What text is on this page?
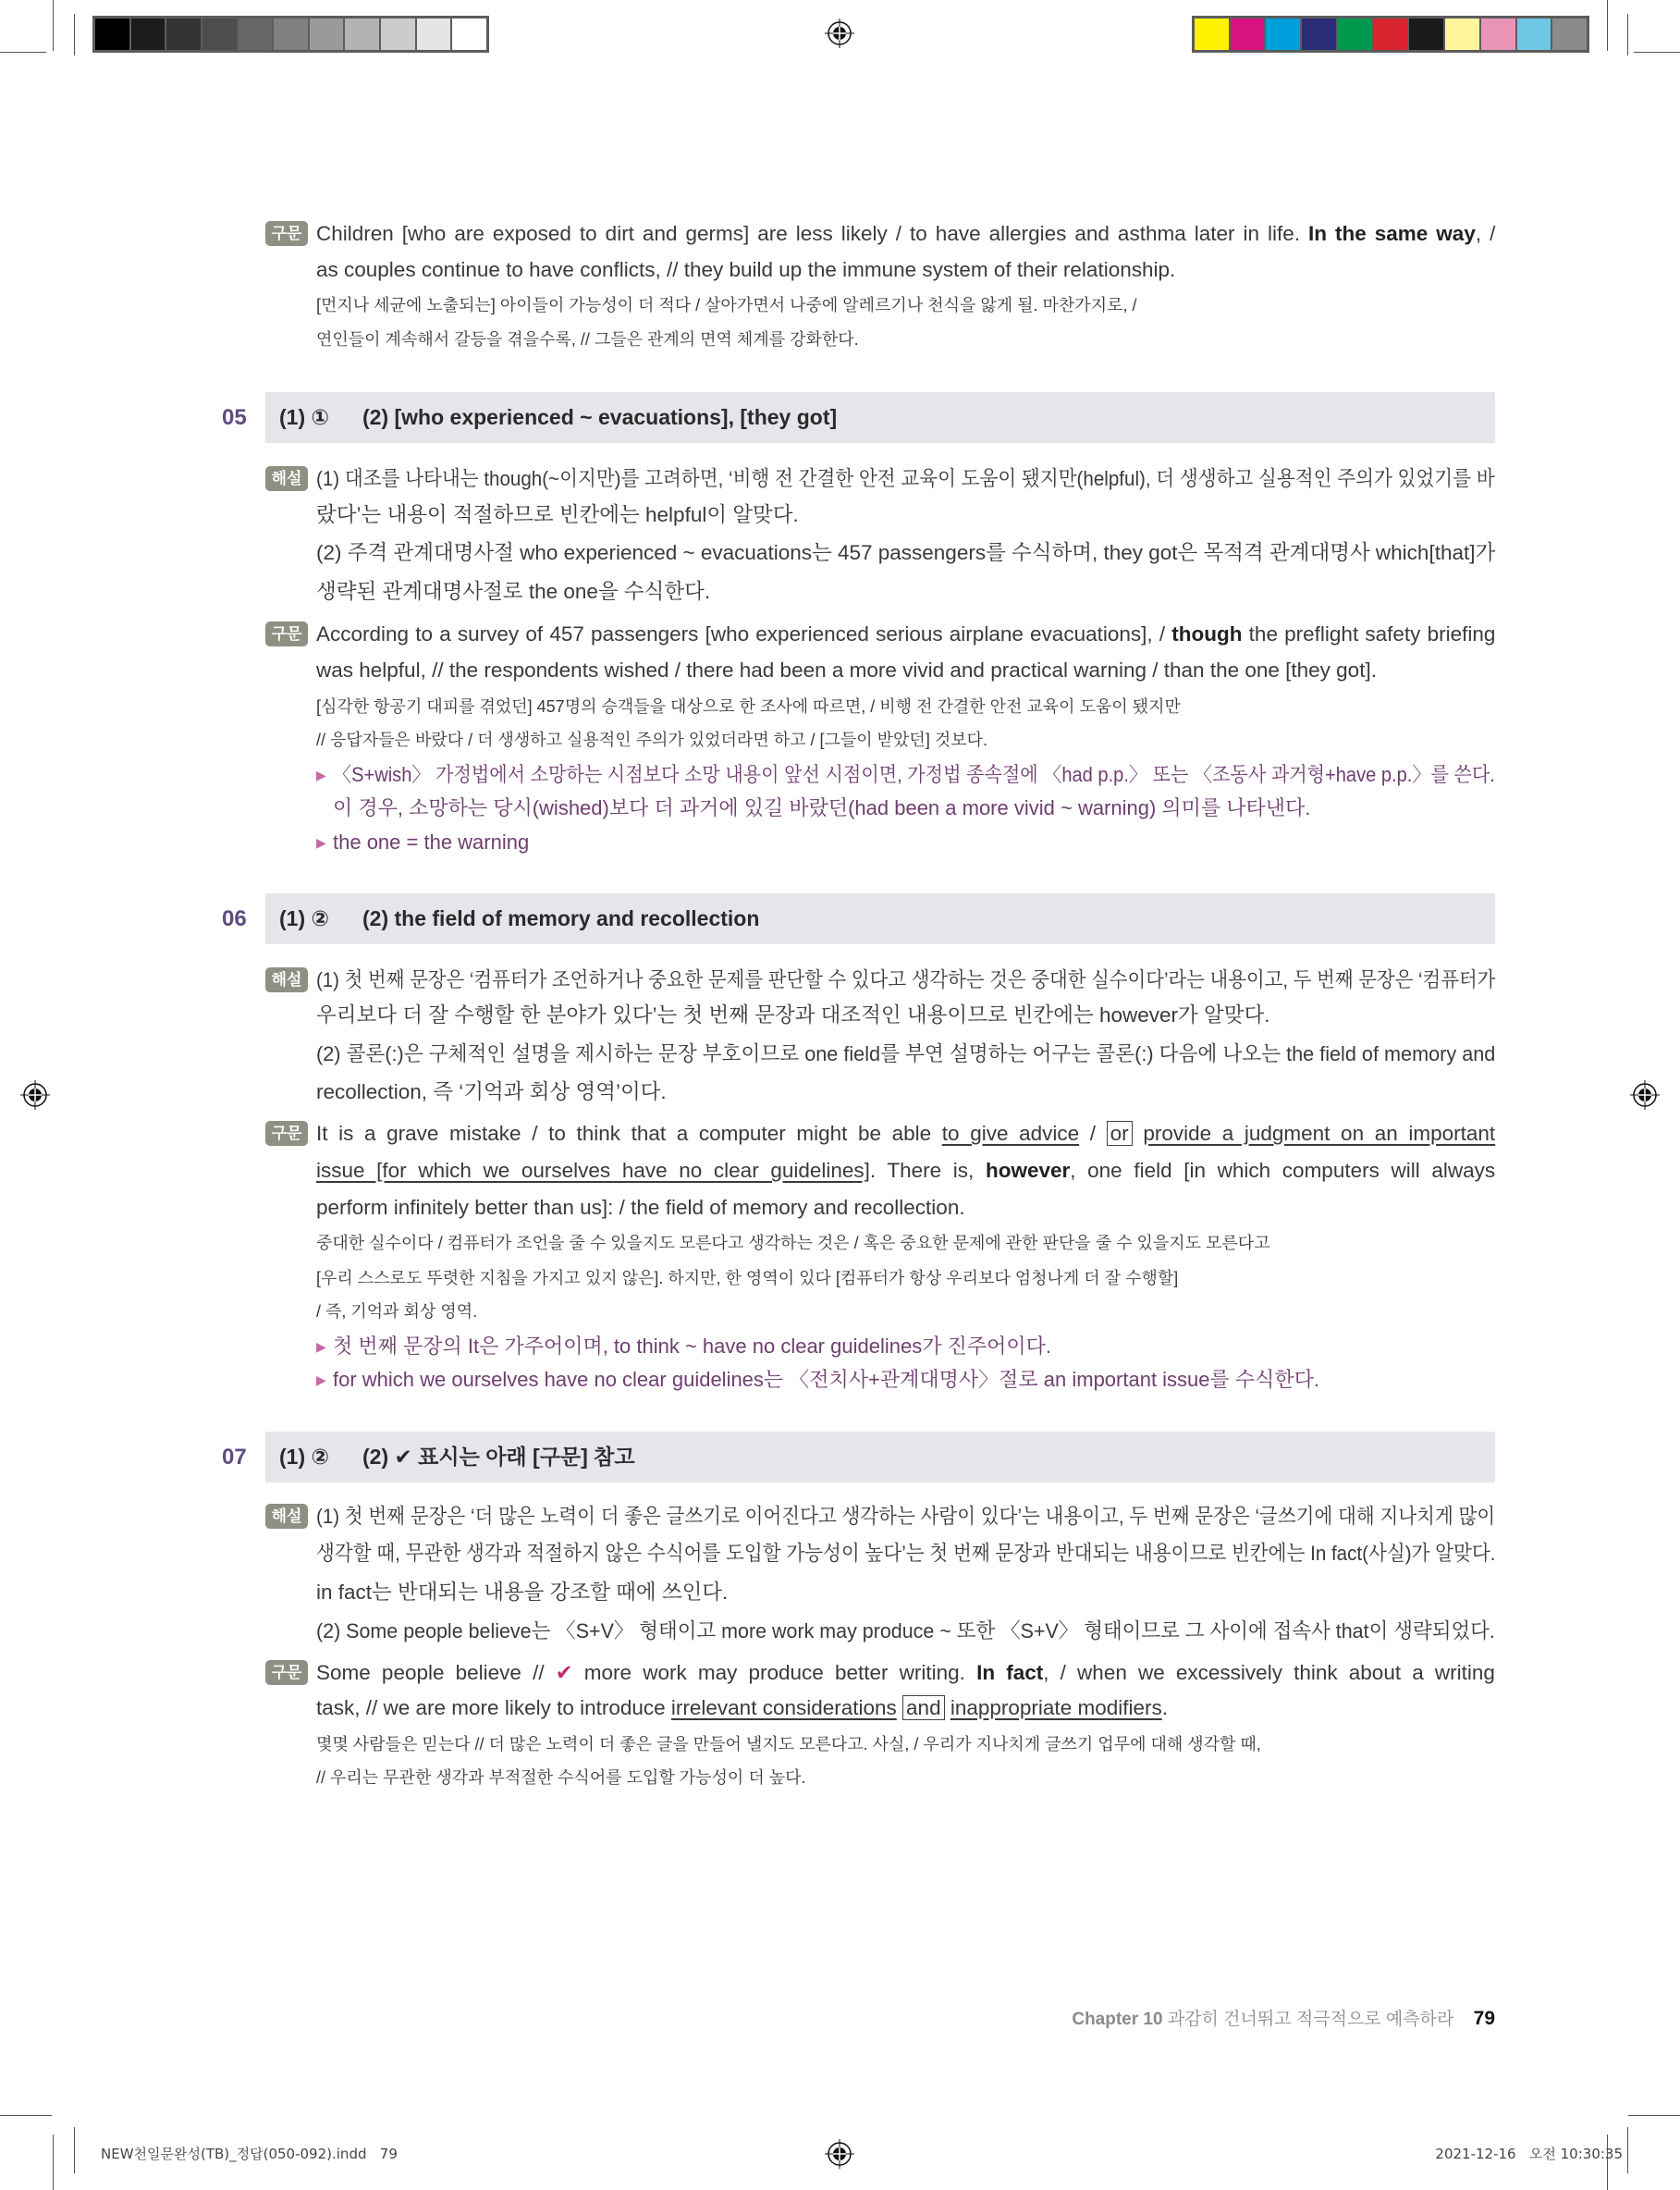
05 (1) ① (2) [who experienced ~ evacuations], [they got]
06 (1) ② (2) the field of memory and recollection
07 (1) ② (2) ✔ 표시는 아래 [구문] 참고
구문 Children [who are exposed to dirt and germs] are less likely / to have allergies and asthma later in life. In the same way, /
as couples continue to have conflicts, // they build up the immune system of their relationship.
[먼지나 세균에 노출되는] 아이들이 가능성이 더 적다 / 살아가면서 나중에 알레르기나 천식을 앓게 될. 마찬가지로, /
연인들이 계속해서 갈등을 겪을수록, // 그들은 관계의 면역 체계를 강화한다.
해설 (1) 대조를 나타내는 though(~이지만)를 고려하면, ‘비행 전 간결한 안전 교육이 도움이 됐지만(helpful), 더 생생하고 실용적인 주의가 있었기를 바
랐다’는 내용이 적절하므로 빈칸에는 helpful이 알맞다.
(2) 주격 관계대명사절 who experienced ~ evacuations는 457 passengers를 수식하며, they got은 목적격 관계대명사 which[that]가
생략된 관계대명사절로 the one을 수식한다.
구문 According to a survey of 457 passengers [who experienced serious airplane evacuations], / though the preflight safety briefing
was helpful, // the respondents wished / there had been a more vivid and practical warning / than the one [they got].
[심각한 항공기 대피를 겪었던] 457명의 승객들을 대상으로 한 조사에 따르면, / 비행 전 간결한 안전 교육이 도움이 됐지만
// 응답자들은 바랐다 / 더 생생하고 실용적인 주의가 있었더라면 하고 / [그들이 받았던] 것보다.
▶ 〈S+wish〉 가정법에서 소망하는 시점보다 소망 내용이 앞선 시점이면, 가정법 종속절에 〈had p.p.〉 또는 〈조동사 과거형+have p.p.〉를 쓴다.
이 경우, 소망하는 당시(wished)보다 더 과거에 있길 바랐던(had been a more vivid ~ warning) 의미를 나타낸다.
▶ the one = the warning
해설 (1) 첫 번째 문장은 ‘컴퓨터가 조언하거나 중요한 문제를 판단할 수 있다고 생각하는 것은 중대한 실수이다’라는 내용이고, 두 번째 문장은 ‘컴퓨터가
우리보다 더 잘 수행할 한 분야가 있다’는 첫 번째 문장과 대조적인 내용이므로 빈칸에는 however가 알맞다.
(2) 콜론(:)은 구체적인 설명을 제시하는 문장 부호이므로 one field를 부연 설명하는 어구는 콜론(:) 다음에 나오는 the field of memory and
recollection, 즉 ‘기억과 회상 영역’이다.
구문 It is a grave mistake / to think that a computer might be able to give advice / or provide a judgment on an important
issue [for which we ourselves have no clear guidelines]. There is, however, one field [in which computers will always
perform infinitely better than us]: / the field of memory and recollection.
중대한 실수이다 / 컴퓨터가 조언을 줄 수 있을지도 모른다고 생각하는 것은 / 혹은 중요한 문제에 관한 판단을 줄 수 있을지도 모른다고
[우리 스스로도 뚜렷한 지침을 가지고 있지 않은]. 하지만, 한 영역이 있다 [컴퓨터가 항상 우리보다 엄청나게 더 잘 수행할]
/ 즉, 기억과 회상 영역.
▶ 첫 번째 문장의 It은 가주어이며, to think ~ have no clear guidelines가 진주어이다.
▶ for which we ourselves have no clear guidelines는 〈전치사+관계대명사〉절로 an important issue를 수식한다.
해설 (1) 첫 번째 문장은 ‘더 많은 노력이 더 좋은 글쓰기로 이어진다고 생각하는 사람이 있다’는 내용이고, 두 번째 문장은 ‘글쓰기에 대해 지나치게 많이
생각할 때, 무관한 생각과 적절하지 않은 수식어를 도입할 가능성이 높다’는 첫 번째 문장과 반대되는 내용이므로 빈칸에는 In fact(사실)가 알맞다.
in fact는 반대되는 내용을 강조할 때에 쓰인다.
(2) Some people believe는 〈S+V〉 형태이고 more work may produce ~ 또한 〈S+V〉 형태이므로 그 사이에 접속사 that이 생략되었다.
구문 Some people believe // ✔ more work may produce better writing. In fact, / when we excessively think about a writing
task, // we are more likely to introduce irrelevant considerations and inappropriate modifiers.
몇몇 사람들은 믿는다 // 더 많은 노력이 더 좋은 글을 만들어 낼지도 모른다고. 사실, / 우리가 지나치게 글쓰기 업무에 대해 생각할 때,
// 우리는 무관한 생각과 부적절한 수식어를 도입할 가능성이 더 높다.
Chapter 10 과감히 건너뛰고 적극적으로 예측하라 79
NEW천일문완성(TB)_정답(050-092).indd   79	2021-12-16   오전 10:30:35
